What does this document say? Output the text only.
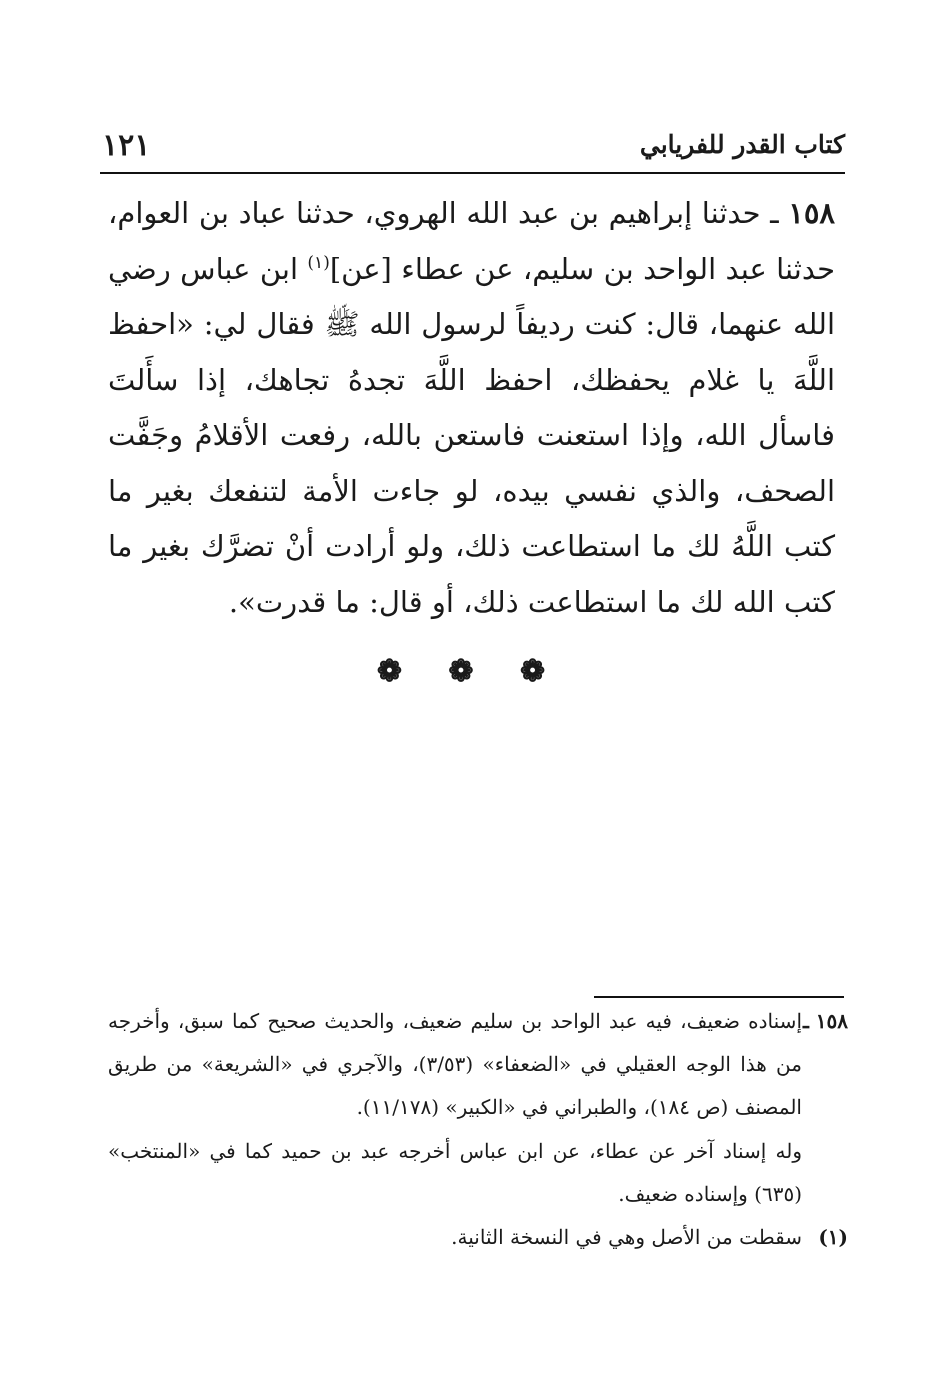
كتاب القدر للفريابي
١٢١
١٥٨ ـ حدثنا إبراهيم بن عبد الله الهروي، حدثنا عباد بن العوام، حدثنا عبد الواحد بن سليم، عن عطاء [عن]$^{(١)}$ ابن عباس رضي الله عنهما، قال: كنت رديفاً لرسول الله ﷺ فقال لي: «احفظ اللَّهَ يا غلام يحفظك، احفظ اللَّهَ تجدهُ تجاهك، إذا سأَلتَ فاسأل الله، وإذا استعنت فاستعن بالله، رفعت الأقلامُ وجَفَّت الصحف، والذي نفسي بيده، لو جاءت الأمة لتنفعك بغير ما كتب اللَّهُ لك ما استطاعت ذلك، ولو أرادت أنْ تضرَّك بغير ما كتب الله لك ما استطاعت ذلك، أو قال: ما قدرت».
❁ ❁ ❁
١٥٨ ـ

إسناده ضعيف، فيه عبد الواحد بن سليم ضعيف، والحديث صحيح كما سبق، وأخرجه من هذا الوجه العقيلي في «الضعفاء» (٣/٥٣)، والآجري في «الشريعة» من طريق المصنف (ص ١٨٤)، والطبراني في «الكبير» (١١/١٧٨).

وله إسناد آخر عن عطاء، عن ابن عباس أخرجه عبد بن حميد كما في «المنتخب» (٦٣٥) وإسناده ضعيف.

(١)

سقطت من الأصل وهي في النسخة الثانية.
